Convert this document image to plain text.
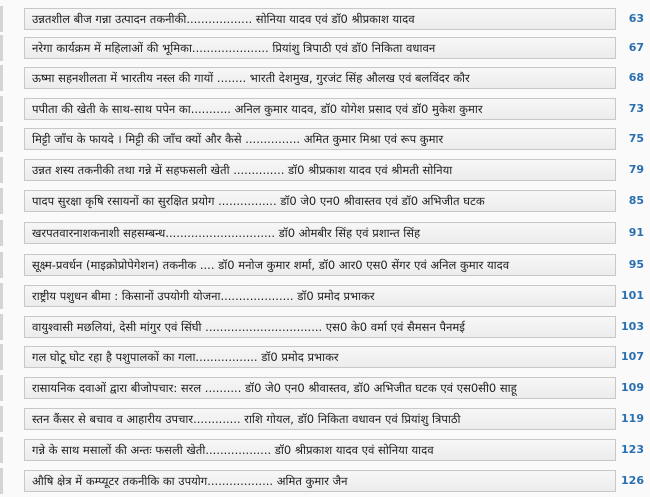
उन्नतशील बीज गन्ना उत्पादन तकनीकी.................. सोनिया यादव एवं डॉ0 श्रीप्रकाश यादव	63
नरेगा कार्यक्रम में महिलाओं की भूमिका..................... प्रियांशु त्रिपाठी एवं डॉ0 निकिता वधावन	67
ऊष्मा सहनशीलता में भारतीय नस्ल की गायों ........ भारती देशमुख, गुरजंट सिंह औलख एवं बलविंदर कौर	68
पपीता की खेती के साथ-साथ पपेन का........... अनिल कुमार यादव, डॉ0 योगेश प्रसाद एवं डॉ0 मुकेश कुमार	73
मिट्टी जाँच के फायदे । मिट्टी की जाँच क्यों और कैसे ............... अमित कुमार मिश्रा एवं रूप कुमार	75
उन्नत शस्य तकनीकी तथा गन्ने में सहफसली खेती .............. डॉ0 श्रीप्रकाश यादव एवं श्रीमती सोनिया	79
पादप सुरक्षा कृषि रसायनों का सुरक्षित प्रयोग ................ डॉ0 जे0 एन0 श्रीवास्तव एवं डॉ0 अभिजीत घटक	85
खरपतवारनाशकनाशी सहसम्बन्ध.............................. डॉ0 ओमबीर सिंह एवं प्रशान्त सिंह	91
सूक्ष्म-प्रवर्धन (माइक्रोप्रोपेगेशन) तकनीक .... डॉ0 मनोज कुमार शर्मा, डॉ0 आर0 एस0 सेंगर एवं अनिल कुमार यादव	95
राष्ट्रीय पशुधन बीमा : किसानों उपयोगी योजना.................... डॉ0 प्रमोद प्रभाकर	101
वायुश्वासी मछलियां, देसी मांगुर एवं सिंघी ................................ एस0 के0 वर्मा एवं सैमसन पैनमई	103
गल घोटू घोट रहा है पशुपालकों का गला................. डॉ0 प्रमोद प्रभाकर	107
रासायनिक दवाओं द्वारा बीजोपचार: सरल .......... डॉ0 जे0 एन0 श्रीवास्तव, डॉ0 अभिजीत घटक एवं एस0सी0 साहू	109
स्तन कैंसर से बचाव व आहारीय उपचार............. राशि गोयल, डॉ0 निकिता वधावन एवं प्रियांशु त्रिपाठी	119
गन्ने के साथ मसालों की अन्तः फसली खेती.................. डॉ0 श्रीप्रकाश यादव एवं सोनिया यादव	123
औषि क्षेत्र में कम्प्यूटर तकनीकि का उपयोग.................. अमित कुमार जैन	126
